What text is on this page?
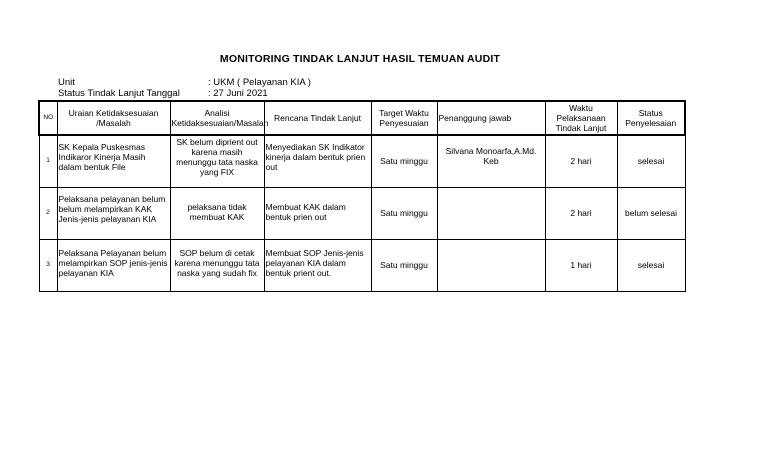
MONITORING TINDAK LANJUT HASIL TEMUAN AUDIT
Unit	: UKM ( Pelayanan KIA )
Status Tindak Lanjut Tanggal	: 27 Juni 2021
NO	Uraian Ketidaksesuaian /Masalah	Analisi Ketidaksesuaian/Masalah	Rencana Tindak Lanjut	Target Waktu Penyesuaian	Penanggung jawab	Waktu Pelaksanaan Tindak Lanjut	Status Penyelesaian
1	SK Kepala Puskesmas Indikaror Kinerja Masih dalam bentuk File	SK belum diprient out karena masih menunggu tata naska yang FIX	Menyediakan SK Indikator kinerja dalam bentuk prien out	Satu minggu	Silvana Monoarfa,A.Md. Keb	2 hari	selesai
2	Pelaksana pelayanan belum belum melampirkan KAK Jenis-jenis pelayanan KIA	pelaksana tidak membuat KAK	Membuat KAK dalam bentuk prien out	Satu minggu		2 hari	belum selesai
3	Pelaksana Pelayanan belum melampirkan SOP jenis-jenis pelayanan KIA	SOP belum di cetak karena menunggu tata naska yang sudah fix	Membuat SOP Jenis-jenis pelayanan KIA dalam bentuk prient out.	Satu minggu		1 hari	selesai
